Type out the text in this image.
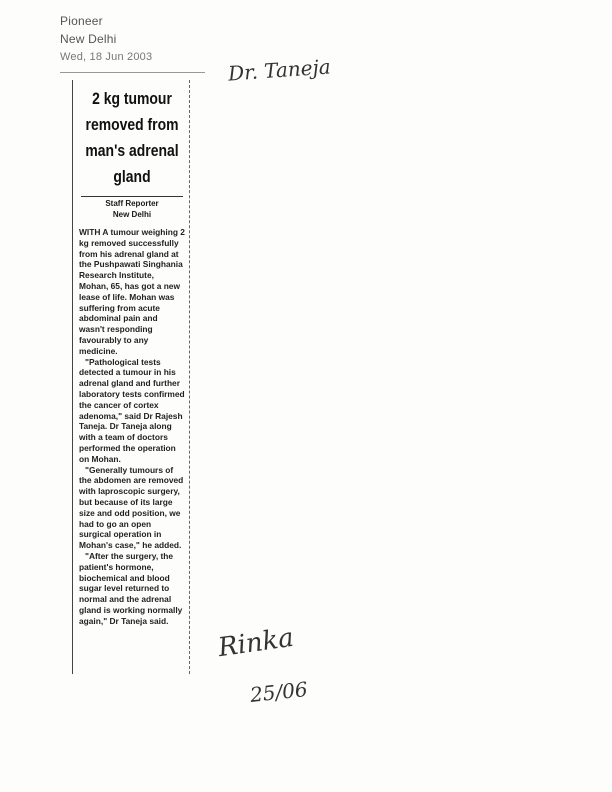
Pioneer
New Delhi
Wed, 18 Jun 2003	Dr. Taneja
2 kg tumour removed from man's adrenal gland
Staff Reporter
New Delhi

WITH A tumour weighing 2 kg removed successfully from his adrenal gland at the Pushpawati Singhania Research Institute, Mohan, 65, has got a new lease of life. Mohan was suffering from acute abdominal pain and wasn't responding favourably to any medicine.

"Pathological tests detected a tumour in his adrenal gland and further laboratory tests confirmed the cancer of cortex adenoma," said Dr Rajesh Taneja. Dr Taneja along with a team of doctors performed the operation on Mohan.

"Generally tumours of the abdomen are removed with laproscopic surgery, but because of its large size and odd position, we had to go an open surgical operation in Mohan's case," he added.

"After the surgery, the patient's hormone, biochemical and blood sugar level returned to normal and the adrenal gland is working normally again," Dr Taneja said.

Rinka
25/06
